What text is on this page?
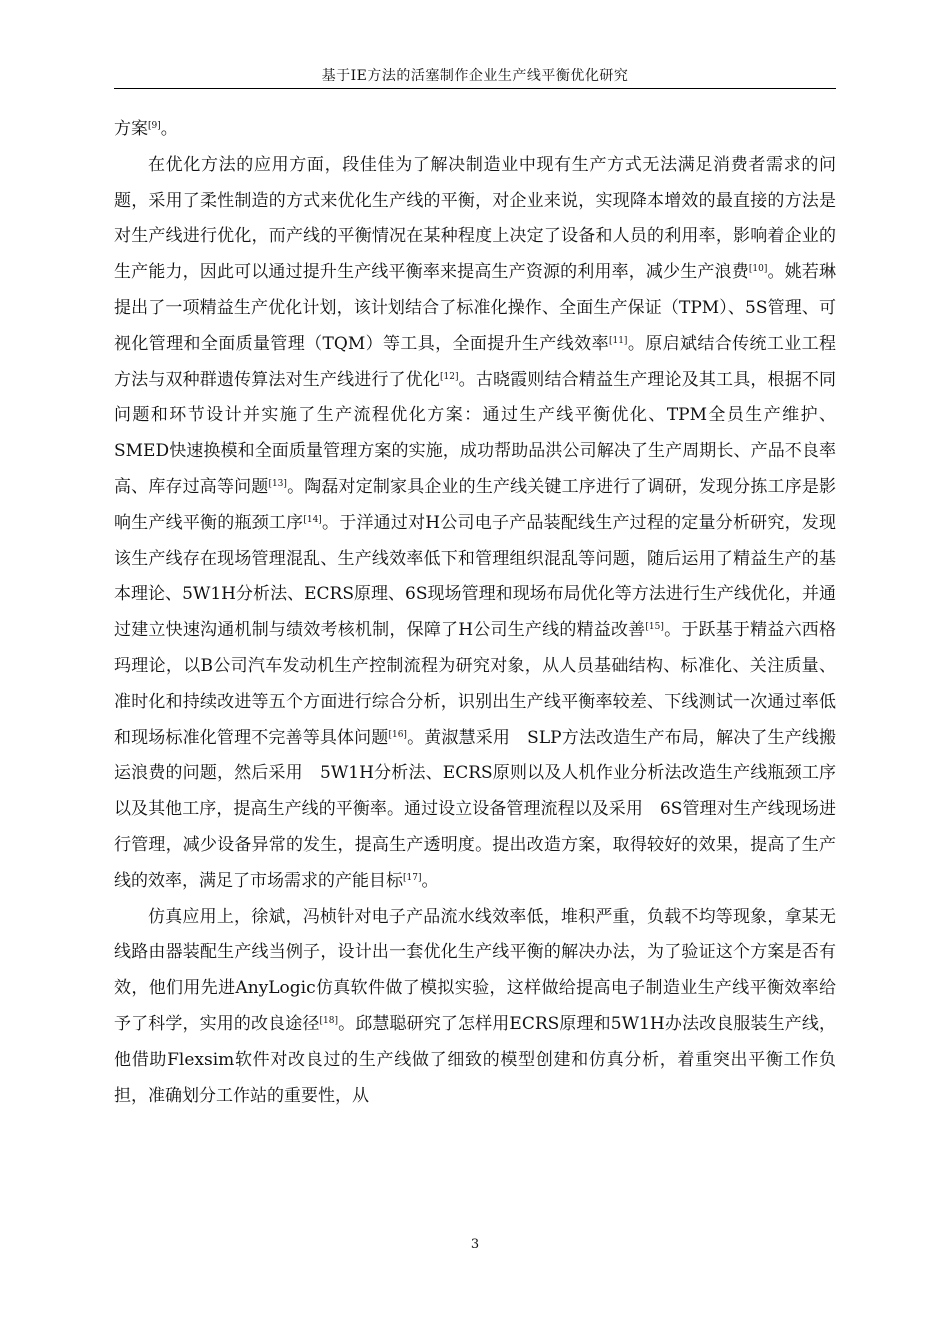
基于IE方法的活塞制作企业生产线平衡优化研究

方案[9]。

在优化方法的应用方面，段佳佳为了解决制造业中现有生产方式无法满足消费者需求的问题，采用了柔性制造的方式来优化生产线的平衡，对企业来说，实现降本增效的最直接的方法是对生产线进行优化，而产线的平衡情况在某种程度上决定了设备和人员的利用率，影响着企业的生产能力，因此可以通过提升生产线平衡率来提高生产资源的利用率，减少生产浪费[10]。姚若琳提出了一项精益生产优化计划，该计划结合了标准化操作、全面生产保证（TPM）、5S管理、可视化管理和全面质量管理（TQM）等工具，全面提升生产线效率[11]。原启斌结合传统工业工程方法与双种群遗传算法对生产线进行了优化[12]。古晓霞则结合精益生产理论及其工具，根据不同问题和环节设计并实施了生产流程优化方案：通过生产线平衡优化、TPM全员生产维护、SMED快速换模和全面质量管理方案的实施，成功帮助品洪公司解决了生产周期长、产品不良率高、库存过高等问题[13]。陶磊对定制家具企业的生产线关键工序进行了调研，发现分拣工序是影响生产线平衡的瓶颈工序[14]。于洋通过对H公司电子产品装配线生产过程的定量分析研究，发现该生产线存在现场管理混乱、生产线效率低下和管理组织混乱等问题，随后运用了精益生产的基本理论、5W1H分析法、ECRS原理、6S现场管理和现场布局优化等方法进行生产线优化，并通过建立快速沟通机制与绩效考核机制，保障了H公司生产线的精益改善[15]。于跃基于精益六西格玛理论，以B公司汽车发动机生产控制流程为研究对象，从人员基础结构、标准化、关注质量、准时化和持续改进等五个方面进行综合分析，识别出生产线平衡率较差、下线测试一次通过率低和现场标准化管理不完善等具体问题[16]。黄淑慧采用　SLP方法改造生产布局，解决了生产线搬运浪费的问题，然后采用　5W1H分析法、ECRS原则以及人机作业分析法改造生产线瓶颈工序以及其他工序，提高生产线的平衡率。通过设立设备管理流程以及采用　6S管理对生产线现场进行管理，减少设备异常的发生，提高生产透明度。提出改造方案，取得较好的效果，提高了生产线的效率，满足了市场需求的产能目标[17]。

仿真应用上，徐斌，冯桢针对电子产品流水线效率低，堆积严重，负载不均等现象，拿某无线路由器装配生产线当例子，设计出一套优化生产线平衡的解决办法，为了验证这个方案是否有效，他们用先进AnyLogic仿真软件做了模拟实验，这样做给提高电子制造业生产线平衡效率给予了科学，实用的改良途径[18]。邱慧聪研究了怎样用ECRS原理和5W1H办法改良服装生产线，他借助Flexsim软件对改良过的生产线做了细致的模型创建和仿真分析，着重突出平衡工作负担，准确划分工作站的重要性，从

3
